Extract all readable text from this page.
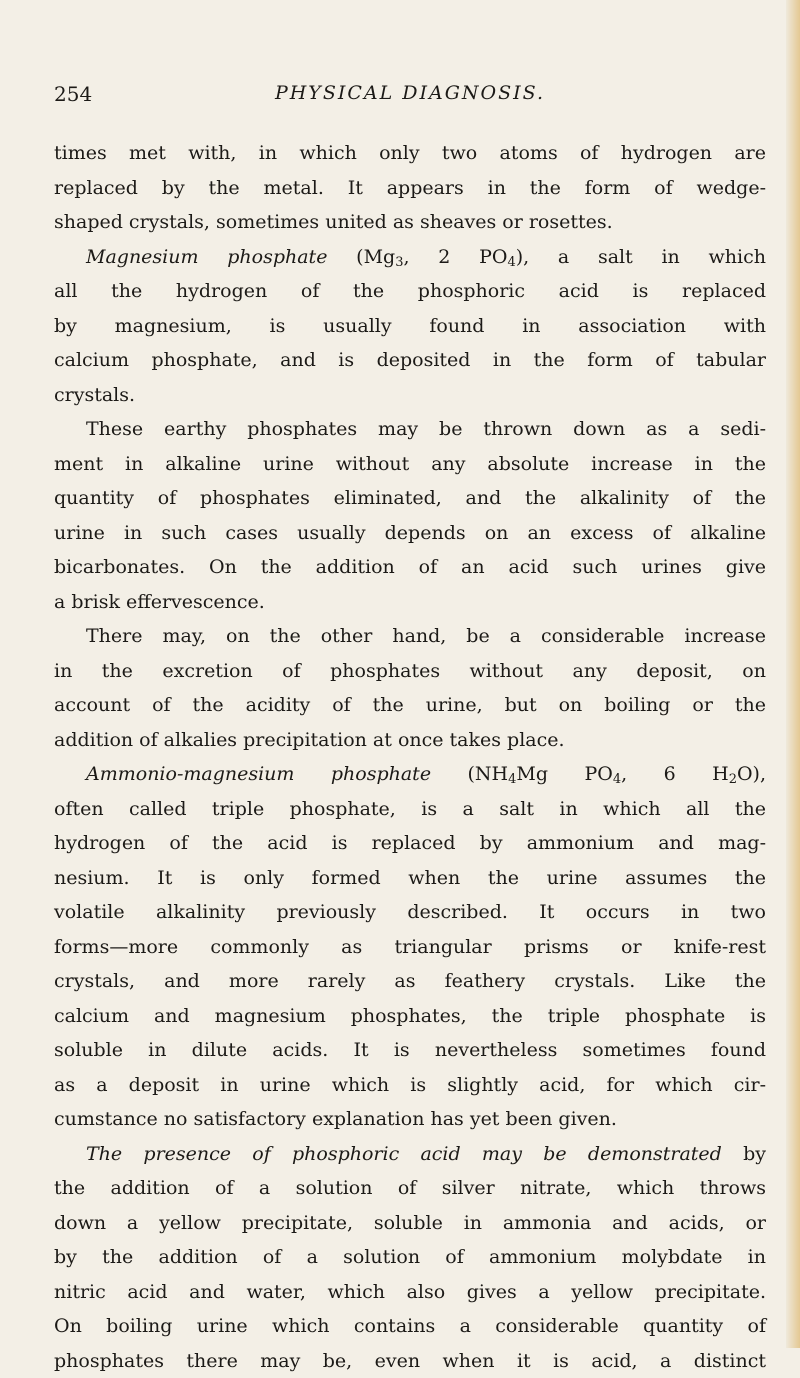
254	PHYSICAL DIAGNOSIS.
times met with, in which only two atoms of hydrogen are
replaced by the metal. It appears in the form of wedge-
shaped crystals, sometimes united as sheaves or rosettes.
Magnesium phosphate ($Mg_3$, 2 $PO_4$), a salt in which
all the hydrogen of the phosphoric acid is replaced
by magnesium, is usually found in association with
calcium phosphate, and is deposited in the form of tabular
crystals.
These earthy phosphates may be thrown down as a sedi-
ment in alkaline urine without any absolute increase in the
quantity of phosphates eliminated, and the alkalinity of the
urine in such cases usually depends on an excess of alkaline
bicarbonates. On the addition of an acid such urines give
a brisk effervescence.
There may, on the other hand, be a considerable increase
in the excretion of phosphates without any deposit, on
account of the acidity of the urine, but on boiling or the
addition of alkalies precipitation at once takes place.
Ammonio-magnesium phosphate ($NH_4Mg$ $PO_4$, 6 $H_2O$),
often called triple phosphate, is a salt in which all the
hydrogen of the acid is replaced by ammonium and mag-
nesium. It is only formed when the urine assumes the
volatile alkalinity previously described. It occurs in two
forms—more commonly as triangular prisms or knife-rest
crystals, and more rarely as feathery crystals. Like the
calcium and magnesium phosphates, the triple phosphate is
soluble in dilute acids. It is nevertheless sometimes found
as a deposit in urine which is slightly acid, for which cir-
cumstance no satisfactory explanation has yet been given.
The presence of phosphoric acid may be demonstrated by
the addition of a solution of silver nitrate, which throws
down a yellow precipitate, soluble in ammonia and acids, or
by the addition of a solution of ammonium molybdate in
nitric acid and water, which also gives a yellow precipitate.
On boiling urine which contains a considerable quantity of
phosphates there may be, even when it is acid, a distinct
